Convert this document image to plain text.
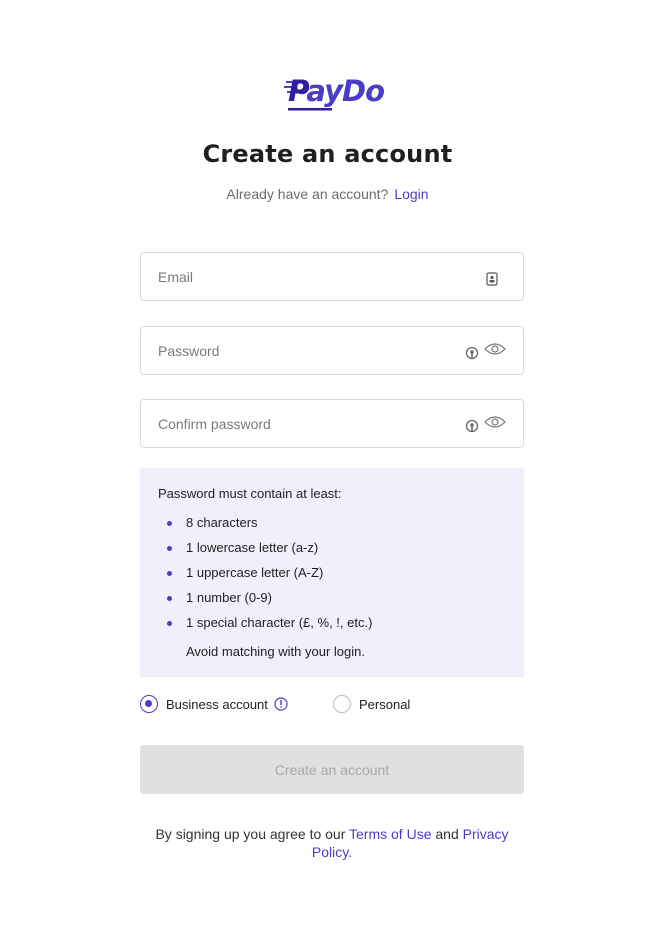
PayDo
Create an account
Already have an account? Login
Email
Password must contain at least:
8 characters
1 lowercase letter (a-z)
1 uppercase letter (A-Z)
1 number (0-9)
1 special character (£, %, !, etc.)
Avoid matching with your login.
Business account	Personal
Create an account
By signing up you agree to our Terms of Use and Privacy Policy.
